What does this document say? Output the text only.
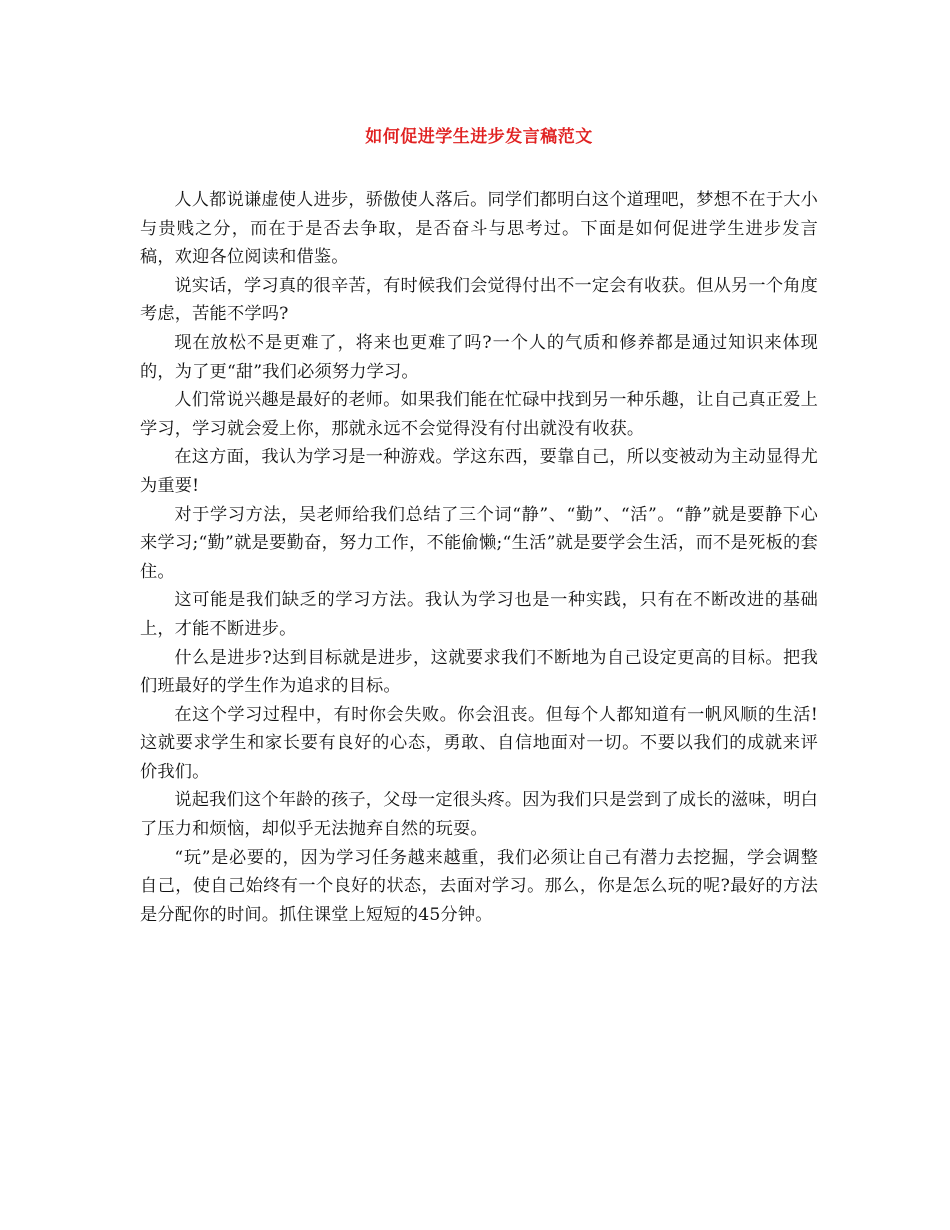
如何促进学生进步发言稿范文

人人都说谦虚使人进步，骄傲使人落后。同学们都明白这个道理吧，梦想不在于大小与贵贱之分，而在于是否去争取，是否奋斗与思考过。下面是如何促进学生进步发言稿，欢迎各位阅读和借鉴。

说实话，学习真的很辛苦，有时候我们会觉得付出不一定会有收获。但从另一个角度考虑，苦能不学吗?

现在放松不是更难了，将来也更难了吗?一个人的气质和修养都是通过知识来体现的，为了更“甜”我们必须努力学习。

人们常说兴趣是最好的老师。如果我们能在忙碌中找到另一种乐趣，让自己真正爱上学习，学习就会爱上你，那就永远不会觉得没有付出就没有收获。

在这方面，我认为学习是一种游戏。学这东西，要靠自己，所以变被动为主动显得尤为重要!

对于学习方法，吴老师给我们总结了三个词“静”、“勤”、“活”。“静”就是要静下心来学习;“勤”就是要勤奋，努力工作，不能偷懒;“生活”就是要学会生活，而不是死板的套住。

这可能是我们缺乏的学习方法。我认为学习也是一种实践，只有在不断改进的基础上，才能不断进步。

什么是进步?达到目标就是进步，这就要求我们不断地为自己设定更高的目标。把我们班最好的学生作为追求的目标。

在这个学习过程中，有时你会失败。你会沮丧。但每个人都知道有一帆风顺的生活!这就要求学生和家长要有良好的心态，勇敢、自信地面对一切。不要以我们的成就来评价我们。

说起我们这个年龄的孩子，父母一定很头疼。因为我们只是尝到了成长的滋味，明白了压力和烦恼，却似乎无法抛弃自然的玩耍。

“玩”是必要的，因为学习任务越来越重，我们必须让自己有潜力去挖掘，学会调整自己，使自己始终有一个良好的状态，去面对学习。那么，你是怎么玩的呢?最好的方法是分配你的时间。抓住课堂上短短的45分钟。
